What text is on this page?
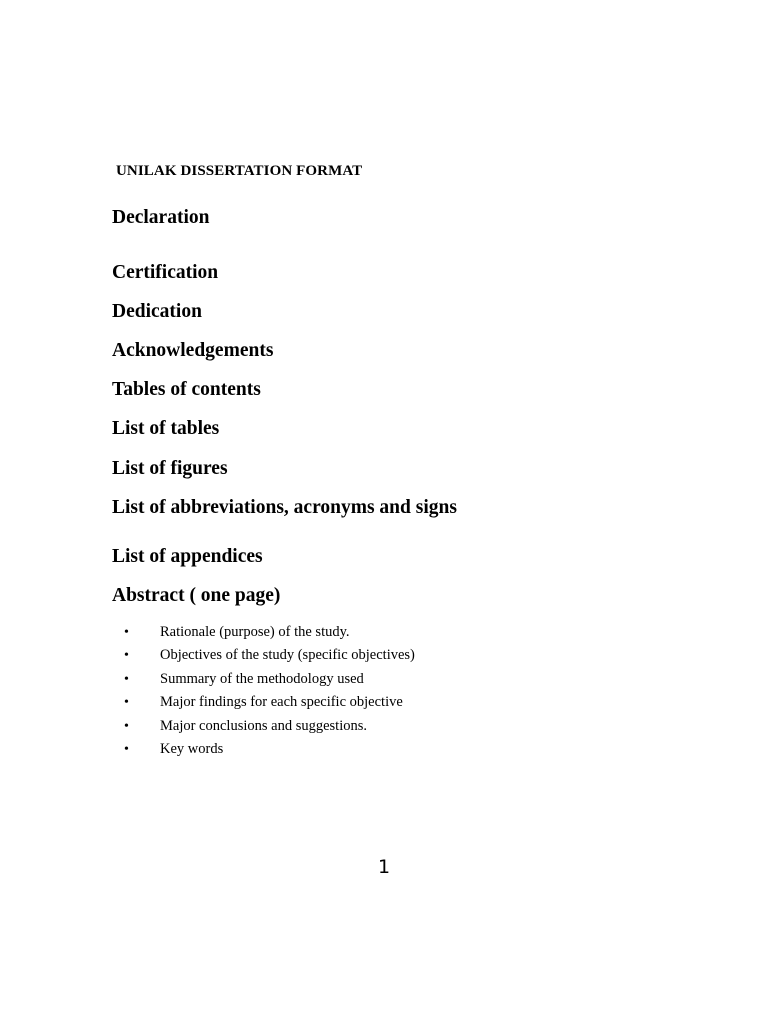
UNILAK DISSERTATION FORMAT
Declaration
Certification
Dedication
Acknowledgements
Tables of contents
List of tables
List of figures
List of abbreviations, acronyms and signs
List of appendices
Abstract ( one page)
• Rationale (purpose) of the study.
• Objectives of the study (specific objectives)
• Summary of the methodology used
• Major findings for each specific objective
• Major conclusions and suggestions.
• Key words
1
